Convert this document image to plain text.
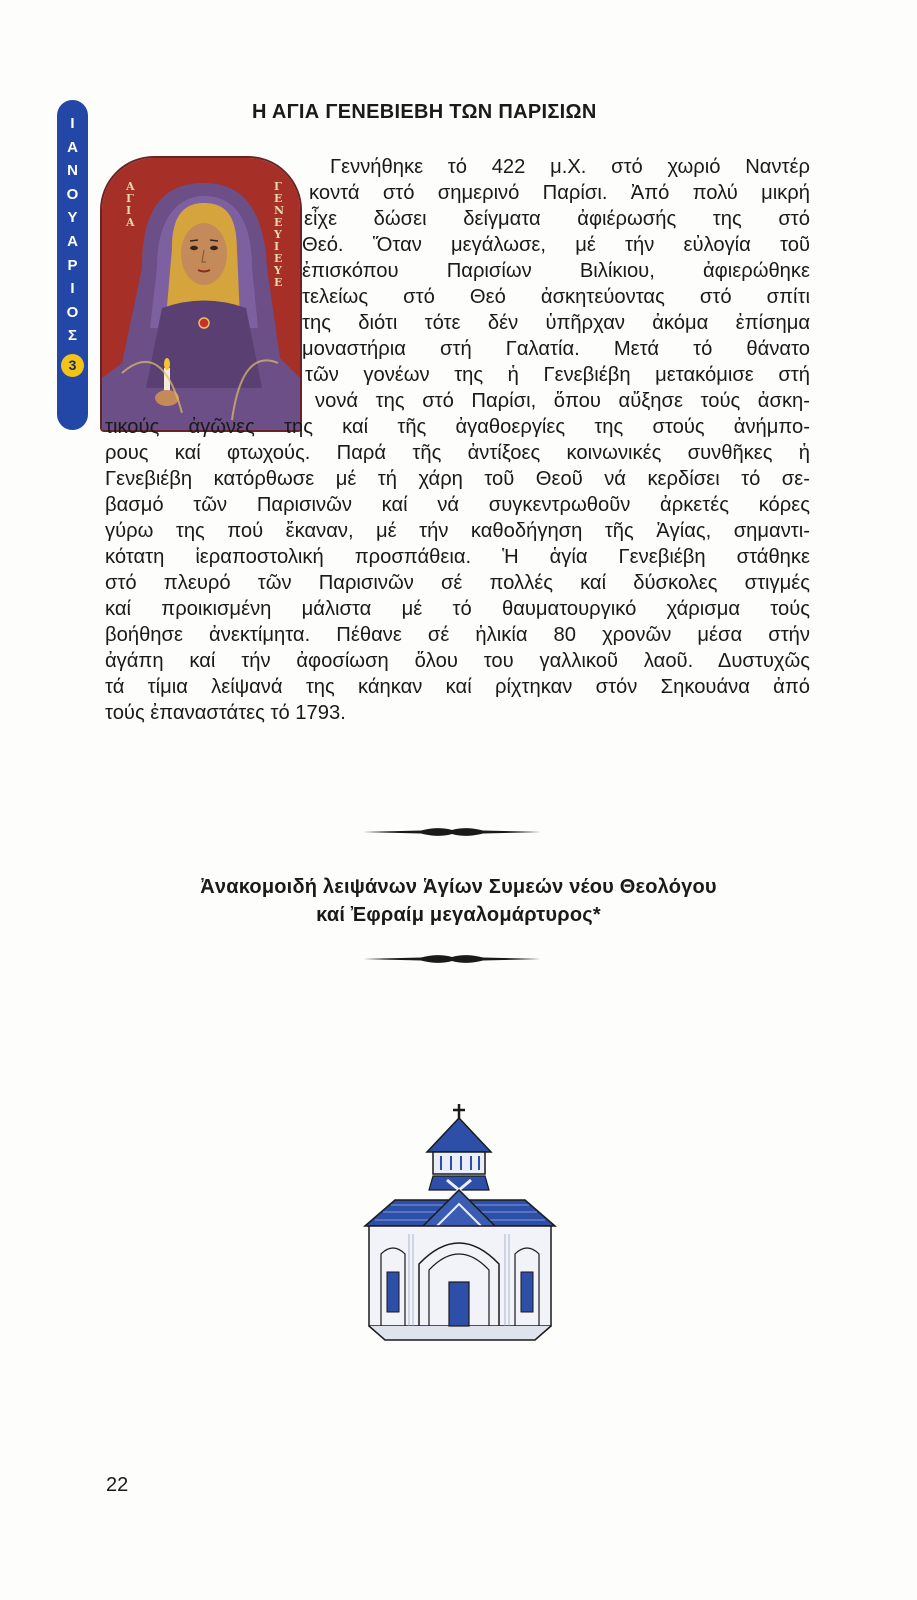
Ι
Α
Ν
Ο
Υ
Α
Ρ
Ι
Ο
Σ
3
Η ΑΓΙΑ ΓΕΝΕΒΙΕΒΗ ΤΩΝ ΠΑΡΙΣΙΩΝ
Α
Γ
Ι
Α
Γ
Ε
Ν
Ε
Υ
Ι
Ε
Υ
Ε

Γεννήθηκε τό 422 μ.Χ. στό χωριό Ναντέρ

κοντά στό σημερινό Παρίσι. Ἀπό πολύ μικρή

εἶχε δώσει δείγματα ἀφιέρωσής της στό

Θεό. Ὅταν μεγάλωσε, μέ τήν εὐλογία τοῦ

ἐπισκόπου Παρισίων Βιλίκιου, ἀφιερώθηκε

τελείως στό Θεό ἀσκητεύοντας στό σπίτι

της διότι τότε δέν ὑπῆρχαν ἀκόμα ἐπίσημα

μοναστήρια στή Γαλατία. Μετά τό θάνατο

τῶν γονέων της ἡ Γενεβιέβη μετακόμισε στή

νονά της στό Παρίσι, ὅπου αὔξησε τούς ἀσκη-

τικούς ἀγῶνες της καί τῆς ἀγαθοεργίες της στούς ἀνήμπο-

ρους καί φτωχούς. Παρά τῆς ἀντίξοες κοινωνικές συνθῆκες ἡ

Γενεβιέβη κατόρθωσε μέ τή χάρη τοῦ Θεοῦ νά κερδίσει τό σε-

βασμό τῶν Παρισινῶν καί νά συγκεντρωθοῦν ἀρκετές κόρες

γύρω της πού ἔκαναν, μέ τήν καθοδήγηση τῆς Ἁγίας, σημαντι-

κότατη ἱεραποστολική προσπάθεια. Ἡ ἁγία Γενεβιέβη στάθηκε

στό πλευρό τῶν Παρισινῶν σέ πολλές καί δύσκολες στιγμές

καί προικισμένη μάλιστα μέ τό θαυματουργικό χάρισμα τούς

βοήθησε ἀνεκτίμητα. Πέθανε σέ ἡλικία 80 χρονῶν μέσα στήν

ἀγάπη καί τήν ἀφοσίωση ὅλου του γαλλικοῦ λαοῦ. Δυστυχῶς

τά τίμια λείψανά της κάηκαν καί ρίχτηκαν στόν Σηκουάνα ἀπό

τούς ἐπαναστάτες τό 1793.

Ἀνακομοιδή λειψάνων Ἁγίων Συμεών νέου Θεολόγου
καί Ἐφραίμ μεγαλομάρτυρος*

22
